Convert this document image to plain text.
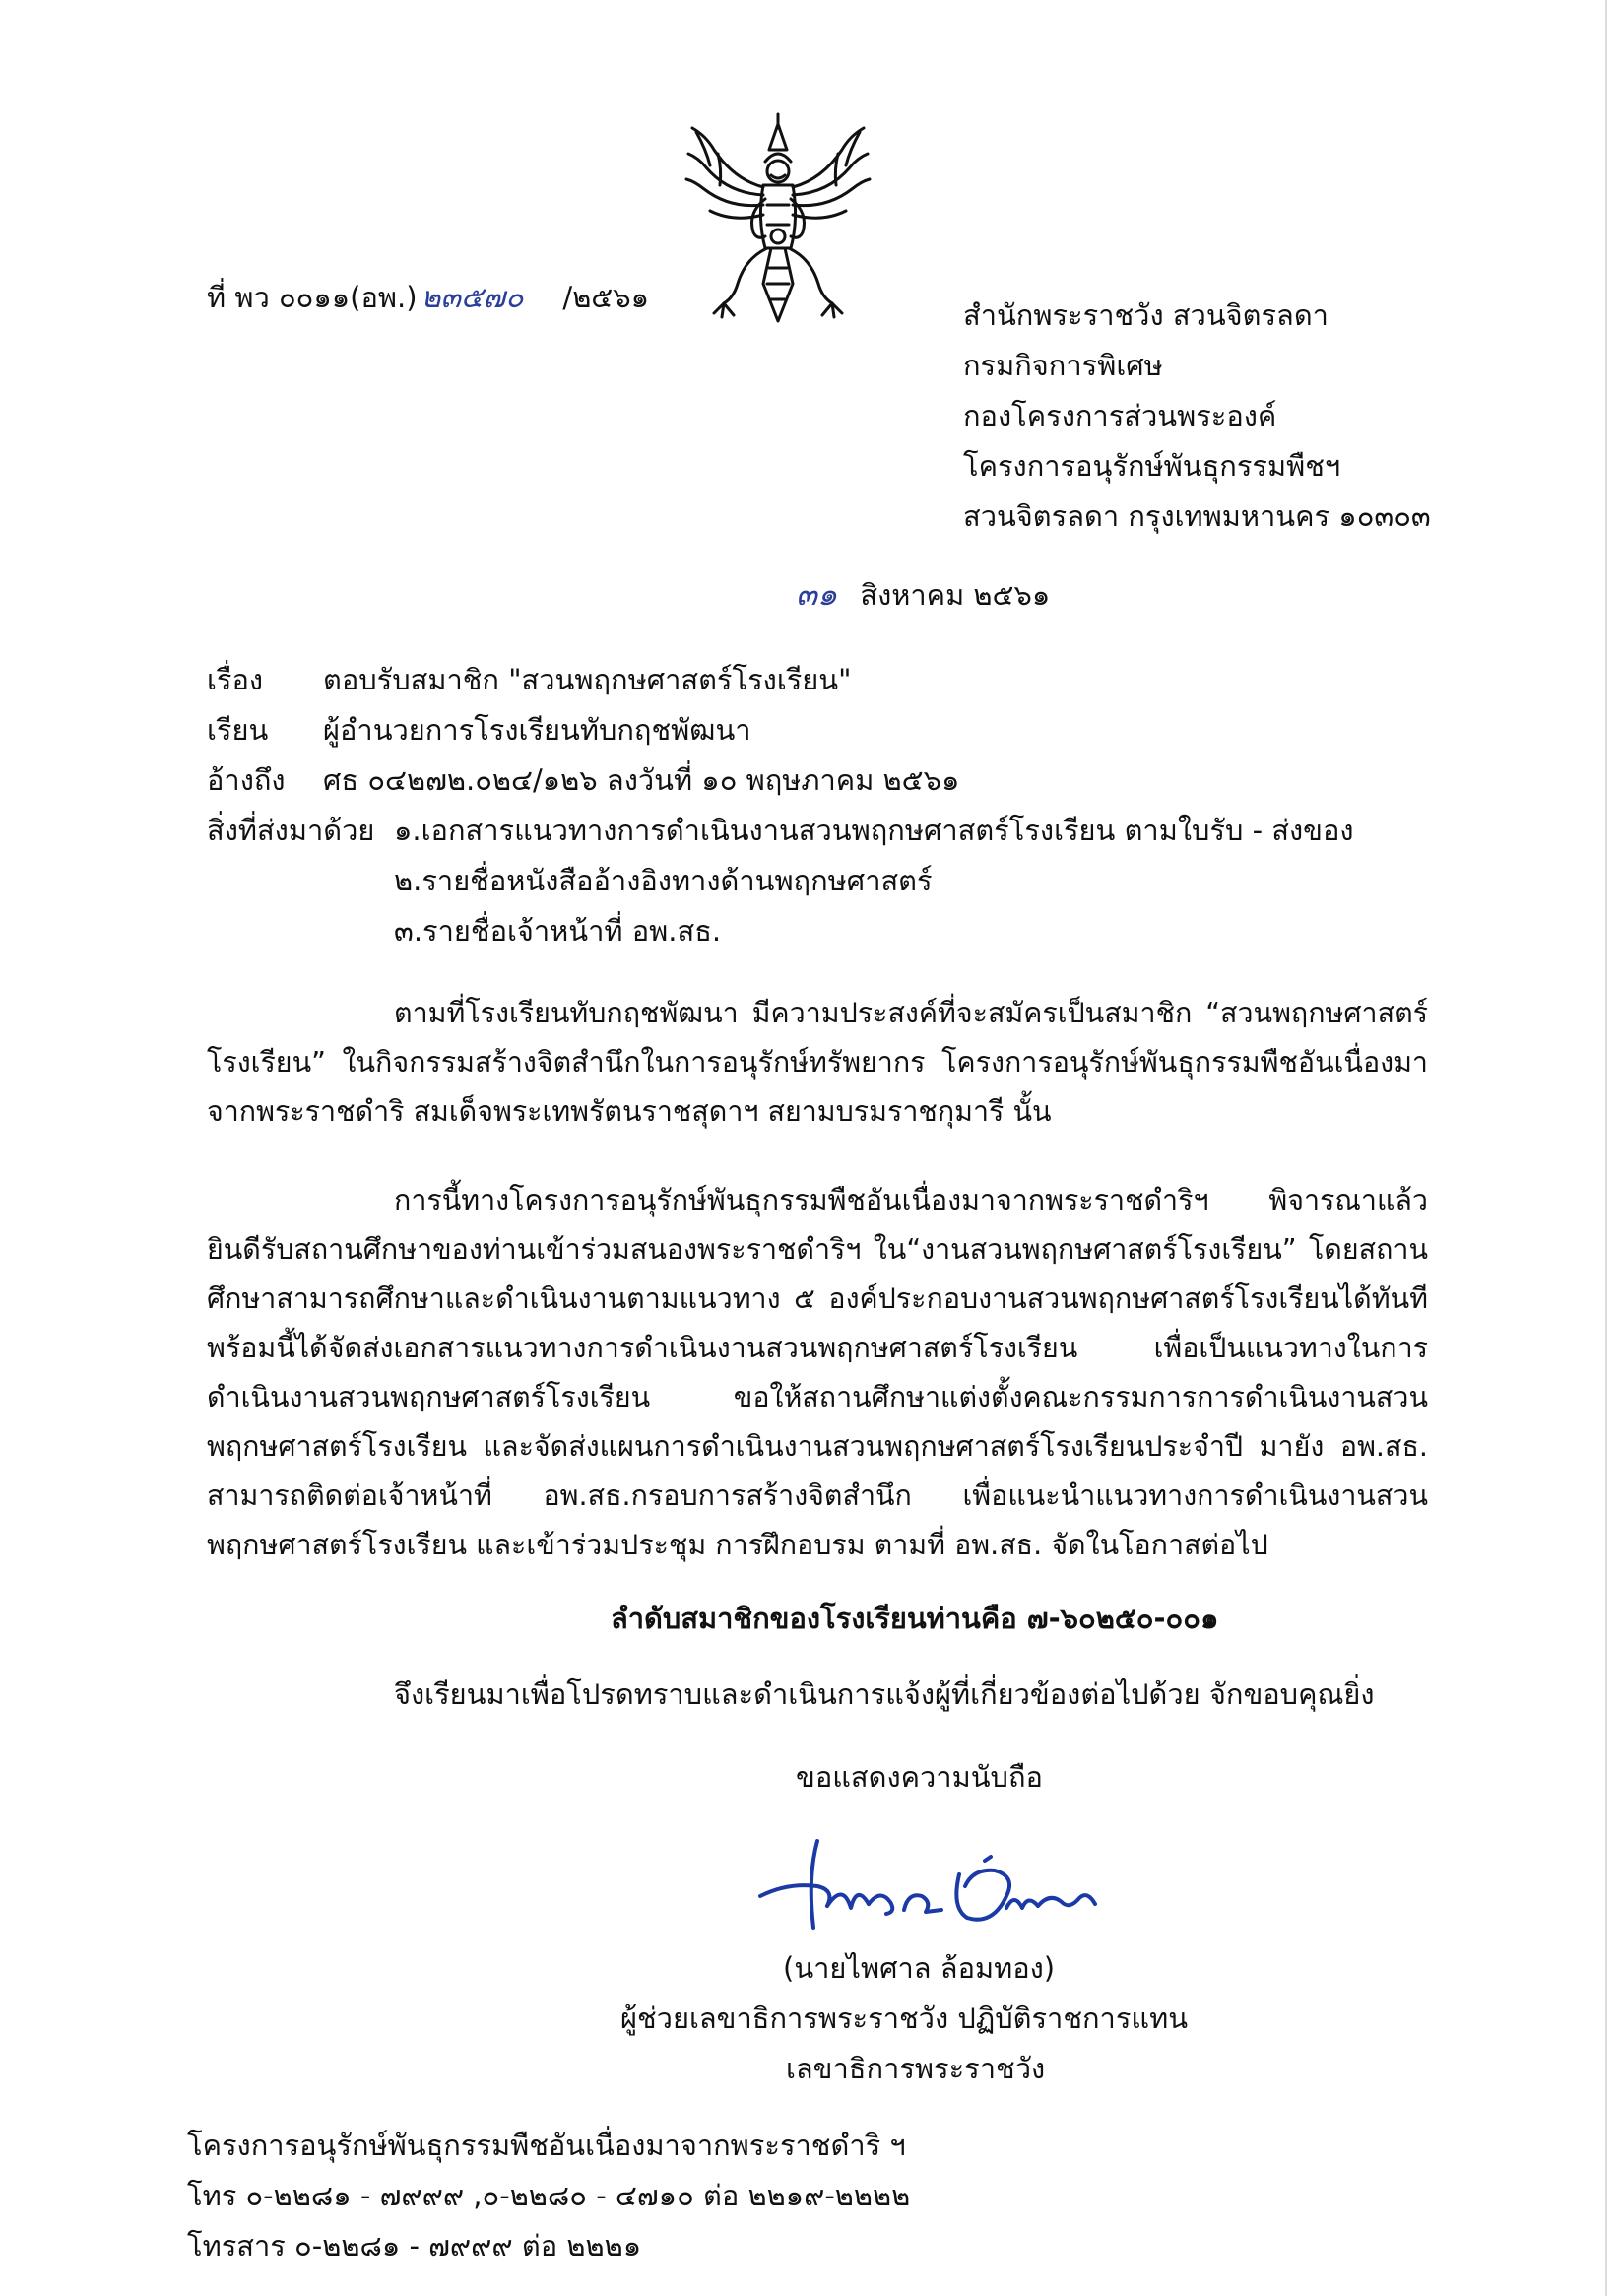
ที่ พว ๐๐๑๑(อพ.) ๒๓๕๗๐ /๒๕๖๑
สำนักพระราชวัง สวนจิตรลดา
กรมกิจการพิเศษ
กองโครงการส่วนพระองค์
โครงการอนุรักษ์พันธุกรรมพืชฯ
สวนจิตรลดา กรุงเทพมหานคร ๑๐๓๐๓
๓๑ สิงหาคม ๒๕๖๑
เรื่อง ตอบรับสมาชิก "สวนพฤกษศาสตร์โรงเรียน"
เรียน ผู้อำนวยการโรงเรียนทับกฤชพัฒนา
อ้างถึง ศธ ๐๔๒๗๒.๐๒๔/๑๒๖ ลงวันที่ ๑๐ พฤษภาคม ๒๕๖๑
สิ่งที่ส่งมาด้วย ๑.เอกสารแนวทางการดำเนินงานสวนพฤกษศาสตร์โรงเรียน ตามใบรับ - ส่งของ
๒.รายชื่อหนังสืออ้างอิงทางด้านพฤกษศาสตร์
๓.รายชื่อเจ้าหน้าที่ อพ.สธ.
ตามที่โรงเรียนทับกฤชพัฒนา มีความประสงค์ที่จะสมัครเป็นสมาชิก “สวนพฤกษศาสตร์โรงเรียน” ในกิจกรรมสร้างจิตสำนึกในการอนุรักษ์ทรัพยากร โครงการอนุรักษ์พันธุกรรมพืชอันเนื่องมาจากพระราชดำริ สมเด็จพระเทพรัตนราชสุดาฯ สยามบรมราชกุมารี นั้น
การนี้ทางโครงการอนุรักษ์พันธุกรรมพืชอันเนื่องมาจากพระราชดำริฯ พิจารณาแล้ว ยินดีรับสถานศึกษาของท่านเข้าร่วมสนองพระราชดำริฯ ใน“งานสวนพฤกษศาสตร์โรงเรียน” โดยสถานศึกษาสามารถศึกษาและดำเนินงานตามแนวทาง ๕ องค์ประกอบงานสวนพฤกษศาสตร์โรงเรียนได้ทันที พร้อมนี้ได้จัดส่งเอกสารแนวทางการดำเนินงานสวนพฤกษศาสตร์โรงเรียน เพื่อเป็นแนวทางในการดำเนินงานสวนพฤกษศาสตร์โรงเรียน ขอให้สถานศึกษาแต่งตั้งคณะกรรมการการดำเนินงานสวนพฤกษศาสตร์โรงเรียน และจัดส่งแผนการดำเนินงานสวนพฤกษศาสตร์โรงเรียนประจำปี มายัง อพ.สธ. สามารถติดต่อเจ้าหน้าที่ อพ.สธ.กรอบการสร้างจิตสำนึก เพื่อแนะนำแนวทางการดำเนินงานสวนพฤกษศาสตร์โรงเรียน และเข้าร่วมประชุม การฝึกอบรม ตามที่ อพ.สธ. จัดในโอกาสต่อไป
ลำดับสมาชิกของโรงเรียนท่านคือ ๗-๖๐๒๕๐-๐๐๑
จึงเรียนมาเพื่อโปรดทราบและดำเนินการแจ้งผู้ที่เกี่ยวข้องต่อไปด้วย จักขอบคุณยิ่ง
ขอแสดงความนับถือ
(นายไพศาล ล้อมทอง)
ผู้ช่วยเลขาธิการพระราชวัง ปฏิบัติราชการแทน
เลขาธิการพระราชวัง
โครงการอนุรักษ์พันธุกรรมพืชอันเนื่องมาจากพระราชดำริ ฯ
โทร ๐-๒๒๘๑ - ๗๙๙๙ ,๐-๒๒๘๐ - ๔๗๑๐ ต่อ ๒๒๑๙-๒๒๒๒
โทรสาร ๐-๒๒๘๑ - ๗๙๙๙ ต่อ ๒๒๒๑
